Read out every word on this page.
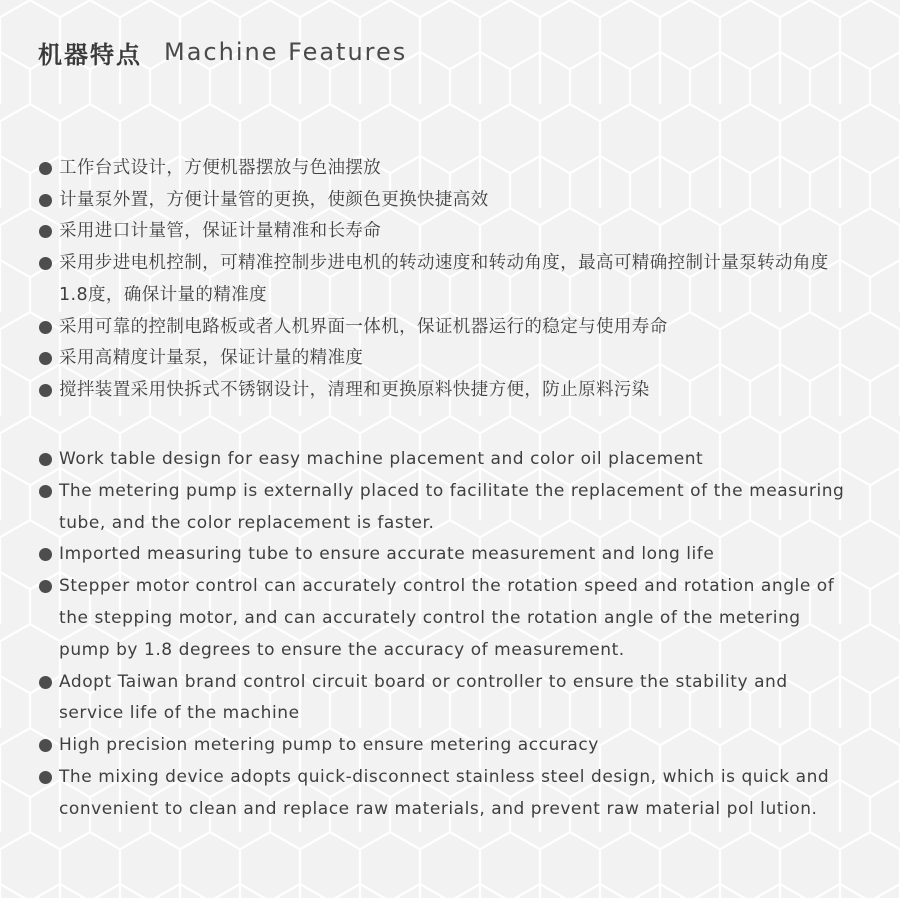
机器特点 Machine Features
工作台式设计，方便机器摆放与色油摆放
计量泵外置，方便计量管的更换，使颜色更换快捷高效
采用进口计量管，保证计量精准和长寿命
采用步进电机控制，可精准控制步进电机的转动速度和转动角度，最高可精确控制计量泵转动角度1.8度，确保计量的精准度
采用可靠的控制电路板或者人机界面一体机，保证机器运行的稳定与使用寿命
采用高精度计量泵，保证计量的精准度
搅拌装置采用快拆式不锈钢设计，清理和更换原料快捷方便，防止原料污染
Work table design for easy machine placement and color oil placement
The metering pump is externally placed to facilitate the replacement of the measuring tube, and the color replacement is faster.
Imported measuring tube to ensure accurate measurement and long life
Stepper motor control can accurately control the rotation speed and rotation angle of the stepping motor, and can accurately control the rotation angle of the metering pump by 1.8 degrees to ensure the accuracy of measurement.
Adopt Taiwan brand control circuit board or controller to ensure the stability and service life of the machine
High precision metering pump to ensure metering accuracy
The mixing device adopts quick-disconnect stainless steel design, which is quick and convenient to clean and replace raw materials, and prevent raw material pol lution.
